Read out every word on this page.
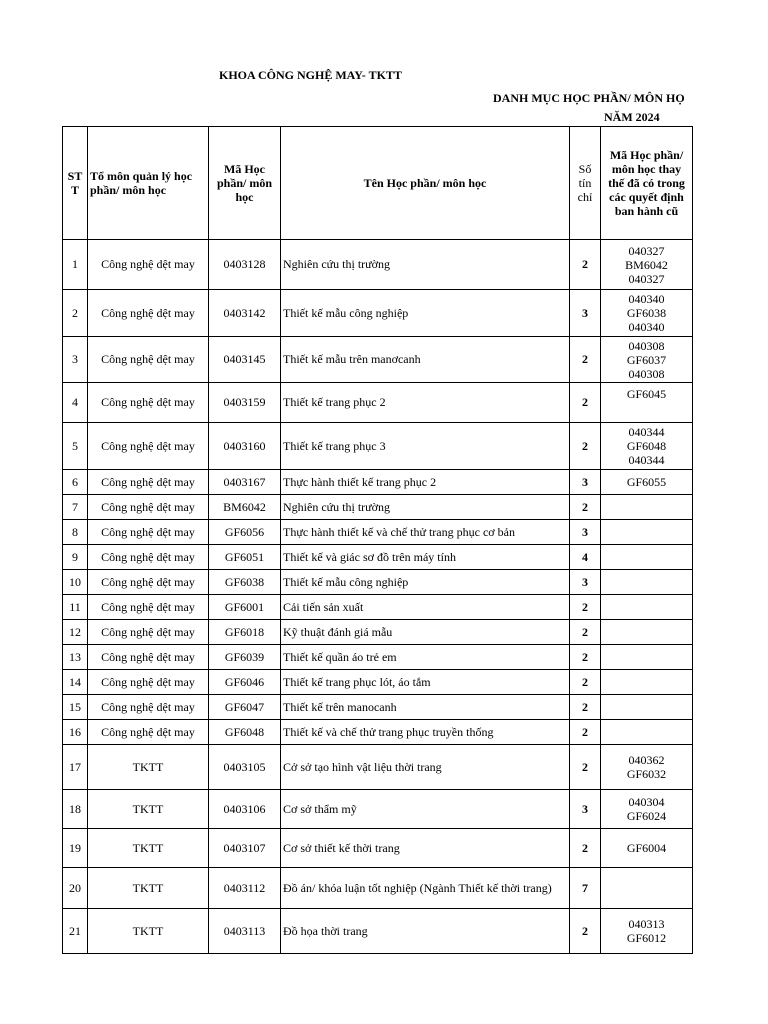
KHOA CÔNG NGHỆ MAY- TKTT
DANH MỤC HỌC PHẦN/ MÔN HỌ
NĂM 2024
STT	Tổ môn quản lý học phần/ môn học	Mã Học phần/ môn học	Tên Học phần/ môn học	Số tín chỉ	Mã Học phần/ môn học thay thế đã có trong các quyết định ban hành cũ
1	Công nghệ dệt may	0403128	Nghiên cứu thị trường	2	040327
BM6042
040327

2	Công nghệ dệt may	0403142	Thiết kế mẫu công nghiệp	3	040340
GF6038
040340

3	Công nghệ dệt may	0403145	Thiết kế mẫu trên manơcanh	2	040308
GF6037
040308

4	Công nghệ dệt may	0403159	Thiết kế trang phục 2	2	GF6045

5	Công nghệ dệt may	0403160	Thiết kế trang phục 3	2	040344
GF6048
040344

6	Công nghệ dệt may	0403167	Thực hành thiết kế trang phục 2	3	GF6055

7	Công nghệ dệt may	BM6042	Nghiên cứu thị trường	2	
8	Công nghệ dệt may	GF6056	Thực hành thiết kế và chế thử trang phục cơ bản	3	
9	Công nghệ dệt may	GF6051	Thiết kế và giác sơ đồ trên máy tính	4	
10	Công nghệ dệt may	GF6038	Thiết kế mẫu công nghiệp	3	
11	Công nghệ dệt may	GF6001	Cải tiến sản xuất	2	
12	Công nghệ dệt may	GF6018	Kỹ thuật đánh giá mẫu	2	
13	Công nghệ dệt may	GF6039	Thiết kế quần áo trẻ em	2	
14	Công nghệ dệt may	GF6046	Thiết kế trang phục lót, áo tắm	2	
15	Công nghệ dệt may	GF6047	Thiết kế trên manocanh	2	
16	Công nghệ dệt may	GF6048	Thiết kế và chế thử trang phục truyền thống	2	
17	TKTT	0403105	Cở sở tạo hình vật liệu thời trang	2	040362
GF6032

18	TKTT	0403106	Cơ sở thẩm mỹ	3	040304
GF6024

19	TKTT	0403107	Cơ sở thiết kế thời trang	2	GF6004

20	TKTT	0403112	Đồ án/ khóa luận tốt nghiệp (Ngành Thiết kế thời trang)	7	
21	TKTT	0403113	Đồ họa thời trang	2	040313
GF6012
